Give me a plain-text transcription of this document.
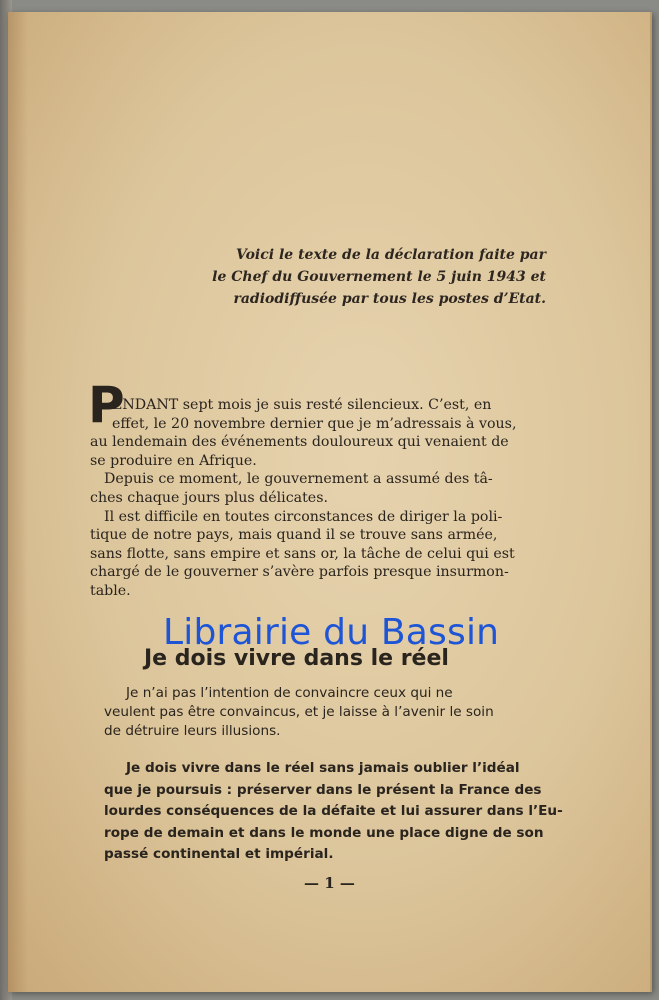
Voici le texte de la déclaration faite par
le Chef du Gouvernement le 5 juin 1943 et
radiodiffusée par tous les postes d’Etat.
P
ENDANT sept mois je suis resté silencieux. C’est, en
effet, le 20 novembre dernier que je m’adressais à vous,
au lendemain des événements douloureux qui venaient de
se produire en Afrique.
Depuis ce moment, le gouvernement a assumé des tâ-
ches chaque jours plus délicates.
Il est difficile en toutes circonstances de diriger la poli-
tique de notre pays, mais quand il se trouve sans armée,
sans flotte, sans empire et sans or, la tâche de celui qui est
chargé de le gouverner s’avère parfois presque insurmon-
table.
Librairie du Bassin
Je dois vivre dans le réel
Je n’ai pas l’intention de convaincre ceux qui ne
veulent pas être convaincus, et je laisse à l’avenir le soin
de détruire leurs illusions.
Je dois vivre dans le réel sans jamais oublier l’idéal
que je poursuis : préserver dans le présent la France des
lourdes conséquences de la défaite et lui assurer dans l’Eu-
rope de demain et dans le monde une place digne de son
passé continental et impérial.
— 1 —
